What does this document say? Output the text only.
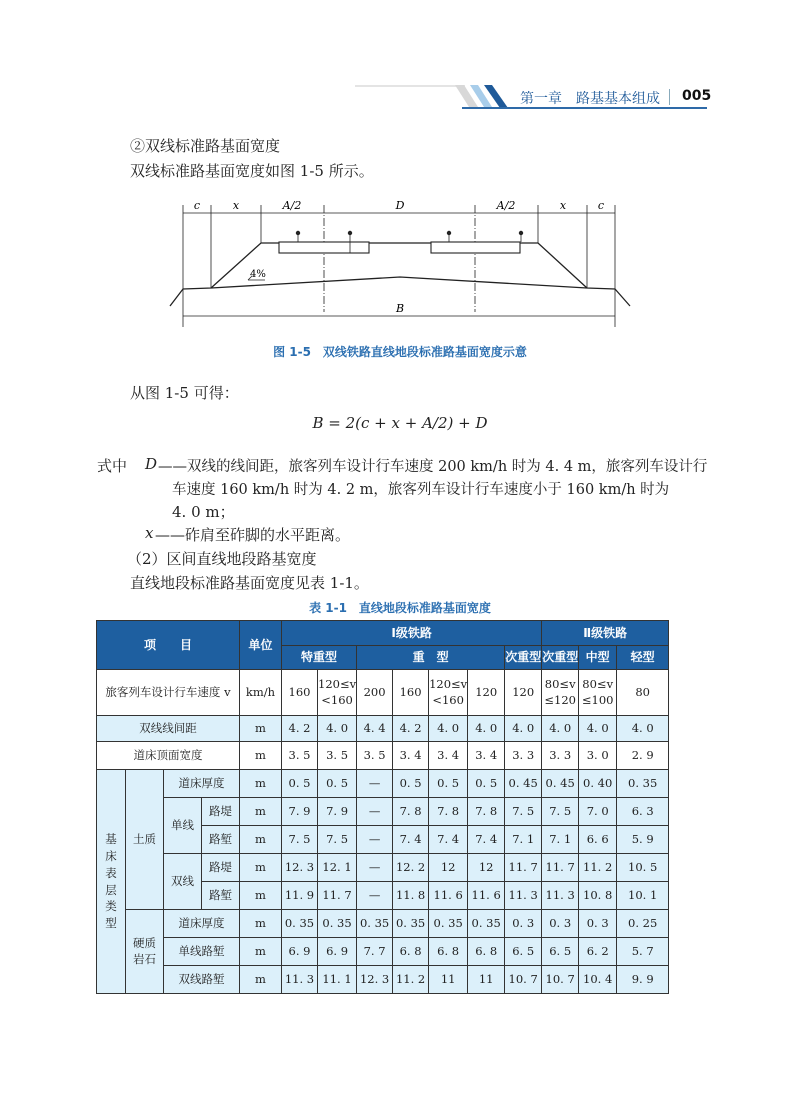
第一章　路基基本组成 005
②双线标准路基面宽度
双线标准路基面宽度如图 1-5 所示。
c	x	A/2	D	A/2	x	c
B
4%
图 1-5　双线铁路直线地段标准路基面宽度示意
从图 1-5 可得：
B = 2(c + x + A/2) + D
式中 D ——双线的线间距，旅客列车设计行车速度 200 km/h 时为 4. 4 m，旅客列车设计行
车速度 160 km/h 时为 4. 2 m，旅客列车设计行车速度小于 160 km/h 时为
4. 0 m；
x ——砟肩至砟脚的水平距离。
（2）区间直线地段路基宽度
直线地段标准路基面宽度见表 1-1。
表 1-1　直线地段标准路基面宽度
项　　目				单位	Ⅰ级铁路							Ⅱ级铁路		
					特重型		重　型				次重型	次重型	中型	轻型
旅客列车设计行车速度 v				km/h	160	120≤v <160	200	160	120≤v <160	120	120	80≤v ≤120	80≤v ≤100	80
双线线间距				m	4. 2	4. 0	4. 4	4. 2	4. 0	4. 0	4. 0	4. 0	4. 0	4. 0
道床顶面宽度				m	3. 5	3. 5	3. 5	3. 4	3. 4	3. 4	3. 3	3. 3	3. 0	2. 9
基床表层类型	土质	道床厚度		m	0. 5	0. 5	—	0. 5	0. 5	0. 5	0. 45	0. 45	0. 40	0. 35
		单线	路堤	m	7. 9	7. 9	—	7. 8	7. 8	7. 8	7. 5	7. 5	7. 0	6. 3
			路堑	m	7. 5	7. 5	—	7. 4	7. 4	7. 4	7. 1	7. 1	6. 6	5. 9
		双线	路堤	m	12. 3	12. 1	—	12. 2	12	12	11. 7	11. 7	11. 2	10. 5
			路堑	m	11. 9	11. 7	—	11. 8	11. 6	11. 6	11. 3	11. 3	10. 8	10. 1
	硬质岩石	道床厚度		m	0. 35	0. 35	0. 35	0. 35	0. 35	0. 35	0. 3	0. 3	0. 3	0. 25
		单线路堑		m	6. 9	6. 9	7. 7	6. 8	6. 8	6. 8	6. 5	6. 5	6. 2	5. 7
		双线路堑		m	11. 3	11. 1	12. 3	11. 2	11	11	10. 7	10. 7	10. 4	9. 9
